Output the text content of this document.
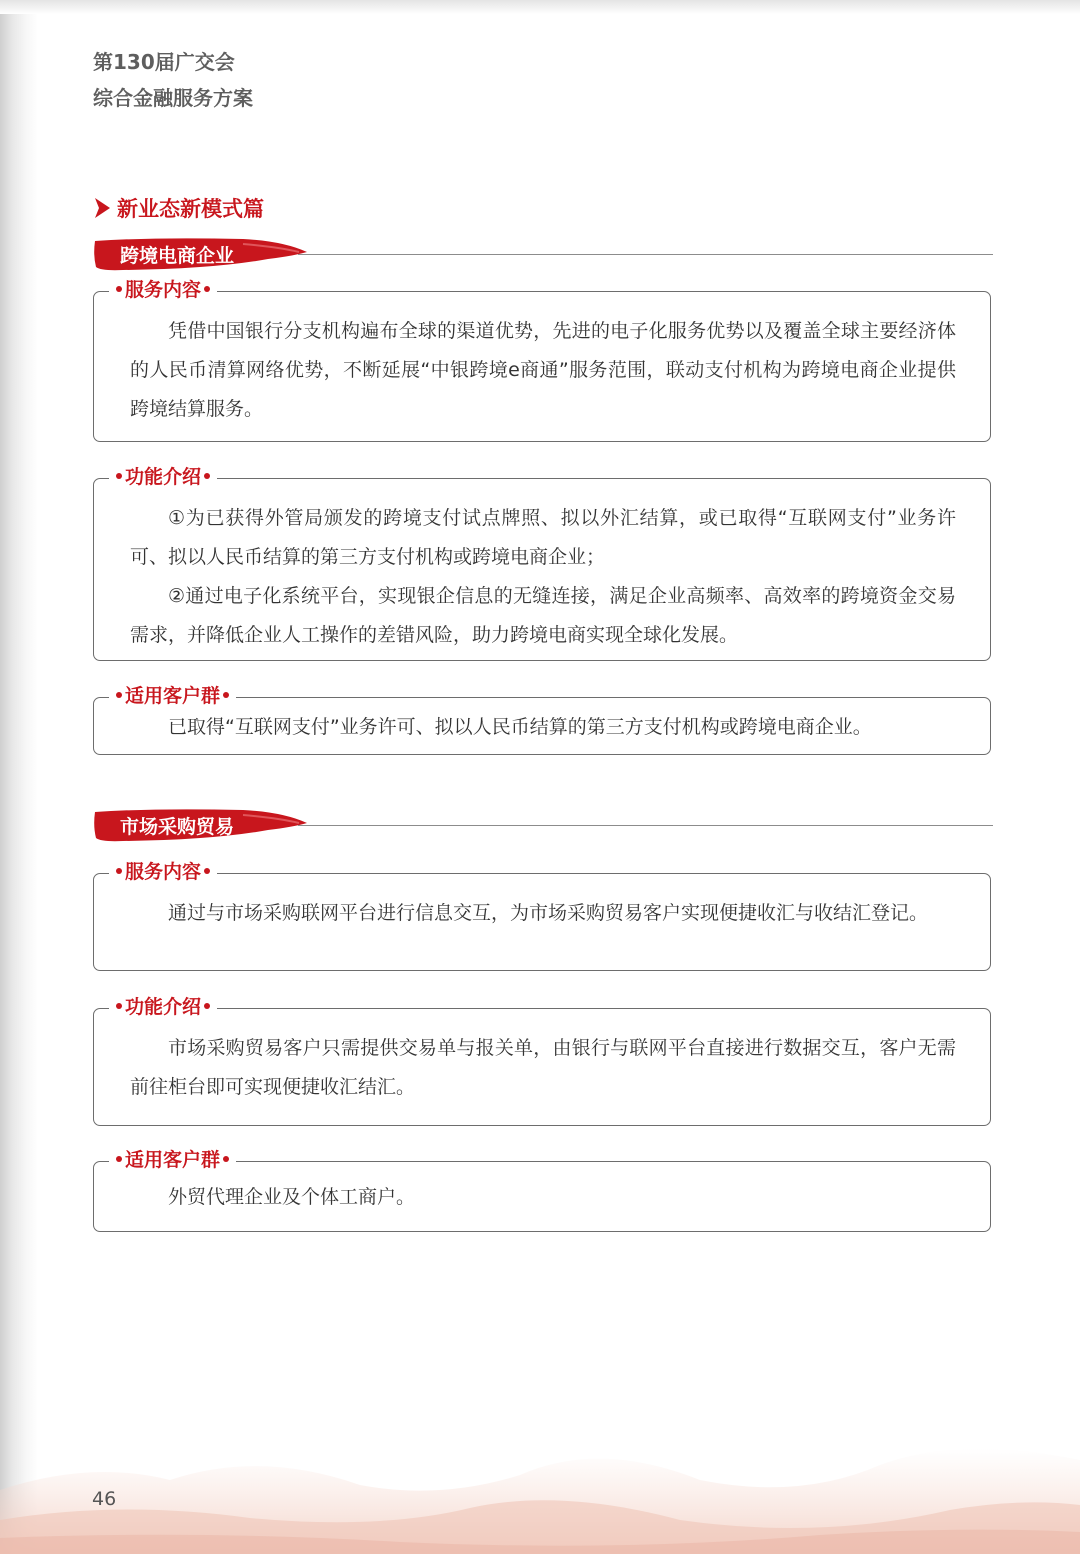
第130届广交会
综合金融服务方案
新业态新模式篇
跨境电商企业
服务内容

凭借中国银行分支机构遍布全球的渠道优势，先进的电子化服务优势以及覆盖全球主要经济体的人民币清算网络优势，不断延展“中银跨境e商通”服务范围，联动支付机构为跨境电商企业提供跨境结算服务。

功能介绍

①为已获得外管局颁发的跨境支付试点牌照、拟以外汇结算，或已取得“互联网支付”业务许可、拟以人民币结算的第三方支付机构或跨境电商企业；

②通过电子化系统平台，实现银企信息的无缝连接，满足企业高频率、高效率的跨境资金交易需求，并降低企业人工操作的差错风险，助力跨境电商实现全球化发展。

适用客户群

已取得“互联网支付”业务许可、拟以人民币结算的第三方支付机构或跨境电商企业。

市场采购贸易
服务内容

通过与市场采购联网平台进行信息交互，为市场采购贸易客户实现便捷收汇与收结汇登记。

功能介绍

市场采购贸易客户只需提供交易单与报关单，由银行与联网平台直接进行数据交互，客户无需前往柜台即可实现便捷收汇结汇。

适用客户群

外贸代理企业及个体工商户。

46
